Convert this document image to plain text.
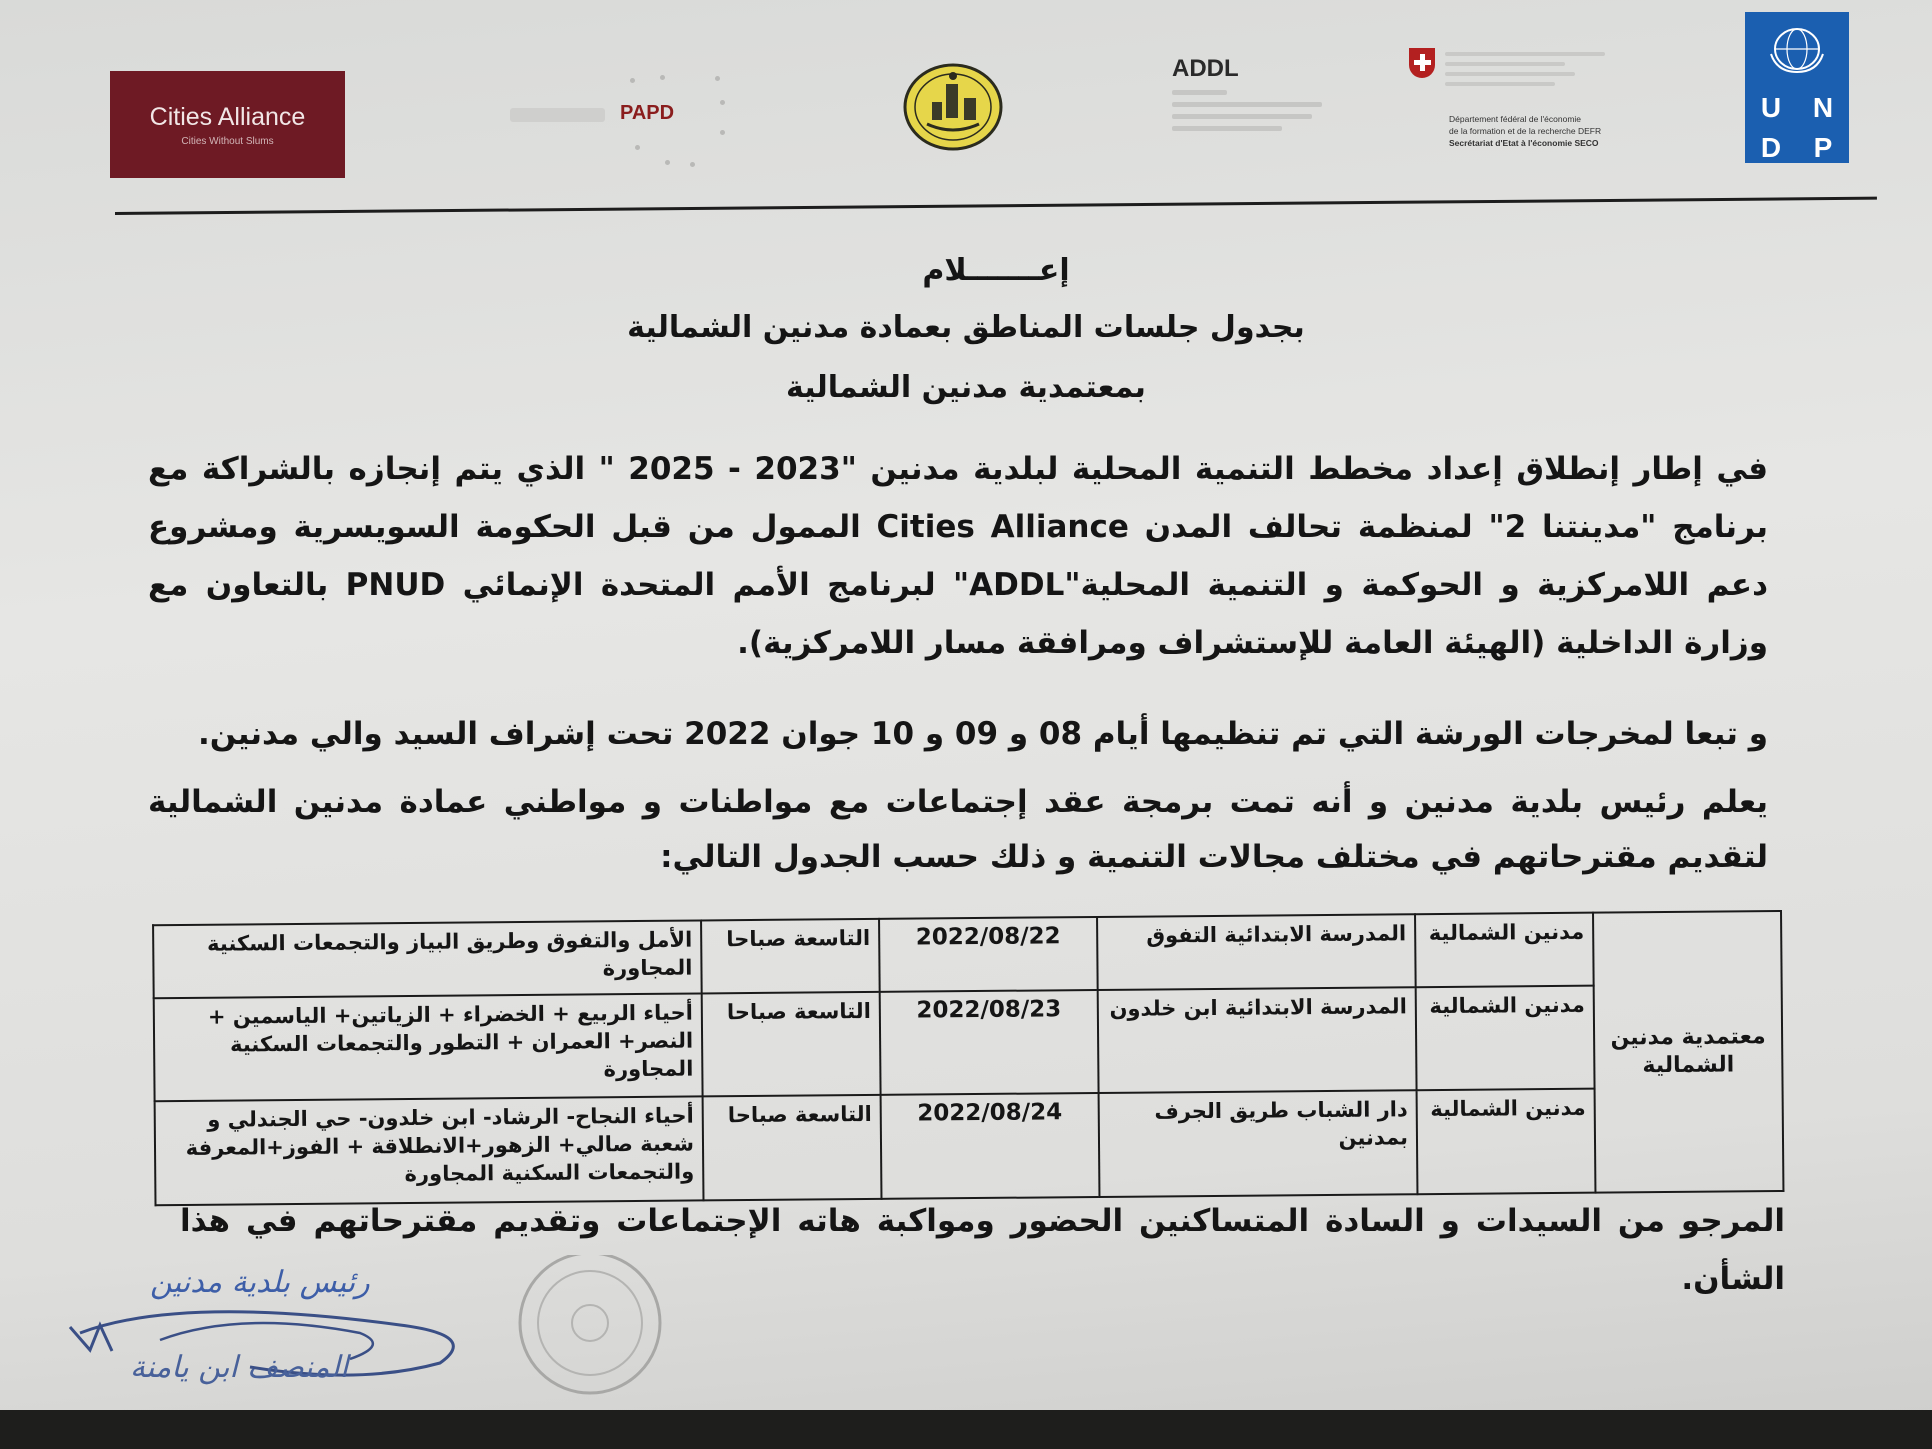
Cities Alliance
Cities Without Slums
PAPD
ADDL
Département fédéral de l'économie
de la formation et de la recherche DEFR
Secrétariat d'Etat à l'économie SECO
U	N
D	P
إعـــــــلام
بجدول جلسات المناطق بعمادة مدنين الشمالية
بمعتمدية مدنين الشمالية
في إطار إنطلاق إعداد مخطط التنمية المحلية لبلدية مدنين "2023 - 2025 " الذي يتم إنجازه بالشراكة مع برنامج "مدينتنا 2" لمنظمة تحالف المدن Cities Alliance الممول من قبل الحكومة السويسرية ومشروع دعم اللامركزية و الحوكمة و التنمية المحلية"ADDL" لبرنامج الأمم المتحدة الإنمائي PNUD بالتعاون مع وزارة الداخلية (الهيئة العامة للإستشراف ومرافقة مسار اللامركزية).
و تبعا لمخرجات الورشة التي تم تنظيمها أيام 08 و 09 و 10 جوان 2022 تحت إشراف السيد والي مدنين.
يعلم رئيس بلدية مدنين و أنه تمت برمجة عقد إجتماعات مع مواطنات و مواطني عمادة مدنين الشمالية لتقديم مقترحاتهم في مختلف مجالات التنمية و ذلك حسب الجدول التالي:
معتمدية مدنين الشمالية	مدنين الشمالية	المدرسة الابتدائية التفوق	2022/08/22	التاسعة صباحا	الأمل والتفوق وطريق البياز والتجمعات السكنية المجاورة
	مدنين الشمالية	المدرسة الابتدائية ابن خلدون	2022/08/23	التاسعة صباحا	أحياء الربيع + الخضراء + الزياتين+ الياسمين + النصر+ العمران + التطور والتجمعات السكنية المجاورة
	مدنين الشمالية	دار الشباب طريق الجرف بمدنين	2022/08/24	التاسعة صباحا	أحياء النجاح- الرشاد- ابن خلدون- حي الجندلي و شعبة صالي+ الزهور+الانطلاقة + الفوز+المعرفة والتجمعات السكنية المجاورة
المرجو من السيدات و السادة المتساكنين الحضور ومواكبة هاته الإجتماعات وتقديم مقترحاتهم في هذا الشأن.
رئيس بلدية مدنين
المنصف ابن يامنة
